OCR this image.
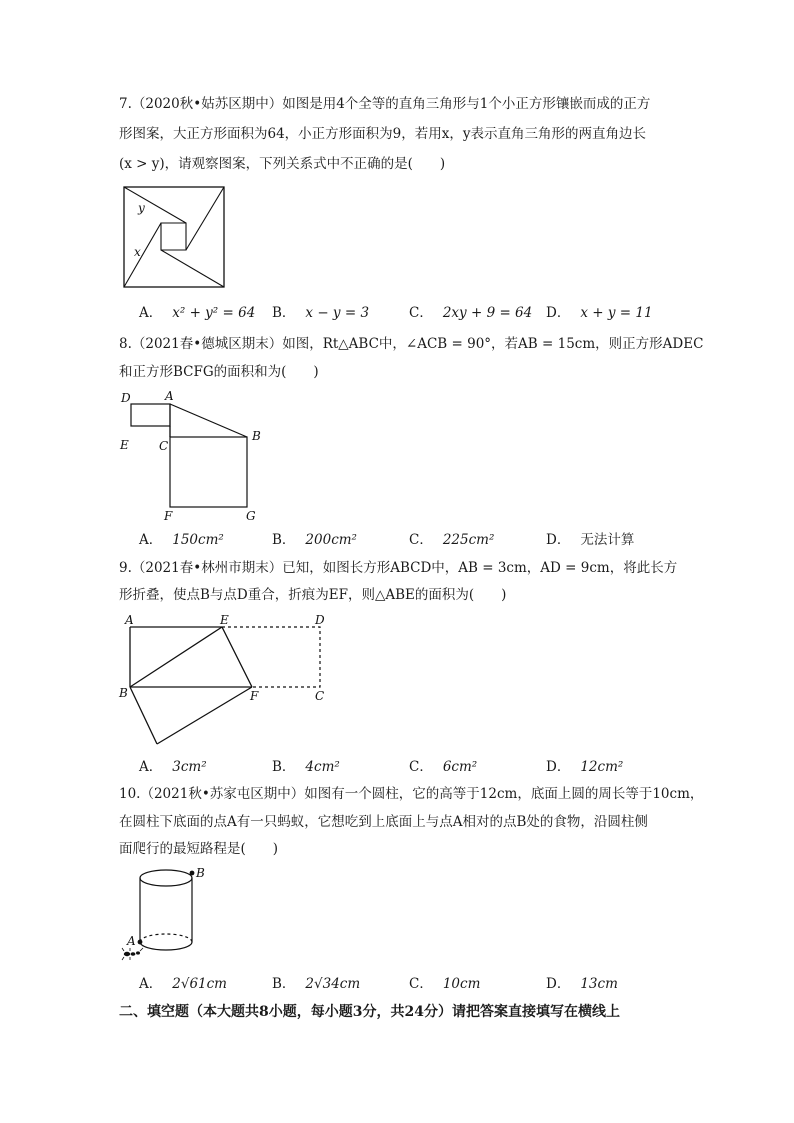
7.（2020秋•姑苏区期中）如图是用4个全等的直角三角形与1个小正方形镶嵌而成的正方
形图案，大正方形面积为64，小正方形面积为9，若用x，y表示直角三角形的两直角边长
(x > y)，请观察图案，下列关系式中不正确的是(　　)
y
x
A． x² + y² = 64 B． x − y = 3	C． 2xy + 9 = 64 D． x + y = 11
8.（2021春•德城区期末）如图，Rt△ABC中，∠ACB = 90°，若AB = 15cm，则正方形ADEC
和正方形BCFG的面积和为(　　)
D	A
E	C
B
F	G
A． 150cm²	B． 200cm²	C． 225cm²	D． 无法计算
9.（2021春•林州市期末）已知，如图长方形ABCD中，AB = 3cm，AD = 9cm，将此长方
形折叠，使点B与点D重合，折痕为EF，则△ABE的面积为(　　)
A	E	D
B	F	C
A． 3cm²	B． 4cm²	C． 6cm²	D． 12cm²
10.（2021秋•苏家屯区期中）如图有一个圆柱，它的高等于12cm，底面上圆的周长等于10cm，
在圆柱下底面的点A有一只蚂蚁，它想吃到上底面上与点A相对的点B处的食物，沿圆柱侧
面爬行的最短路程是(　　)
B
A
A． 2√61cm	B． 2√34cm	C． 10cm	D． 13cm
二、填空题（本大题共8小题，每小题3分，共24分）请把答案直接填写在横线上
